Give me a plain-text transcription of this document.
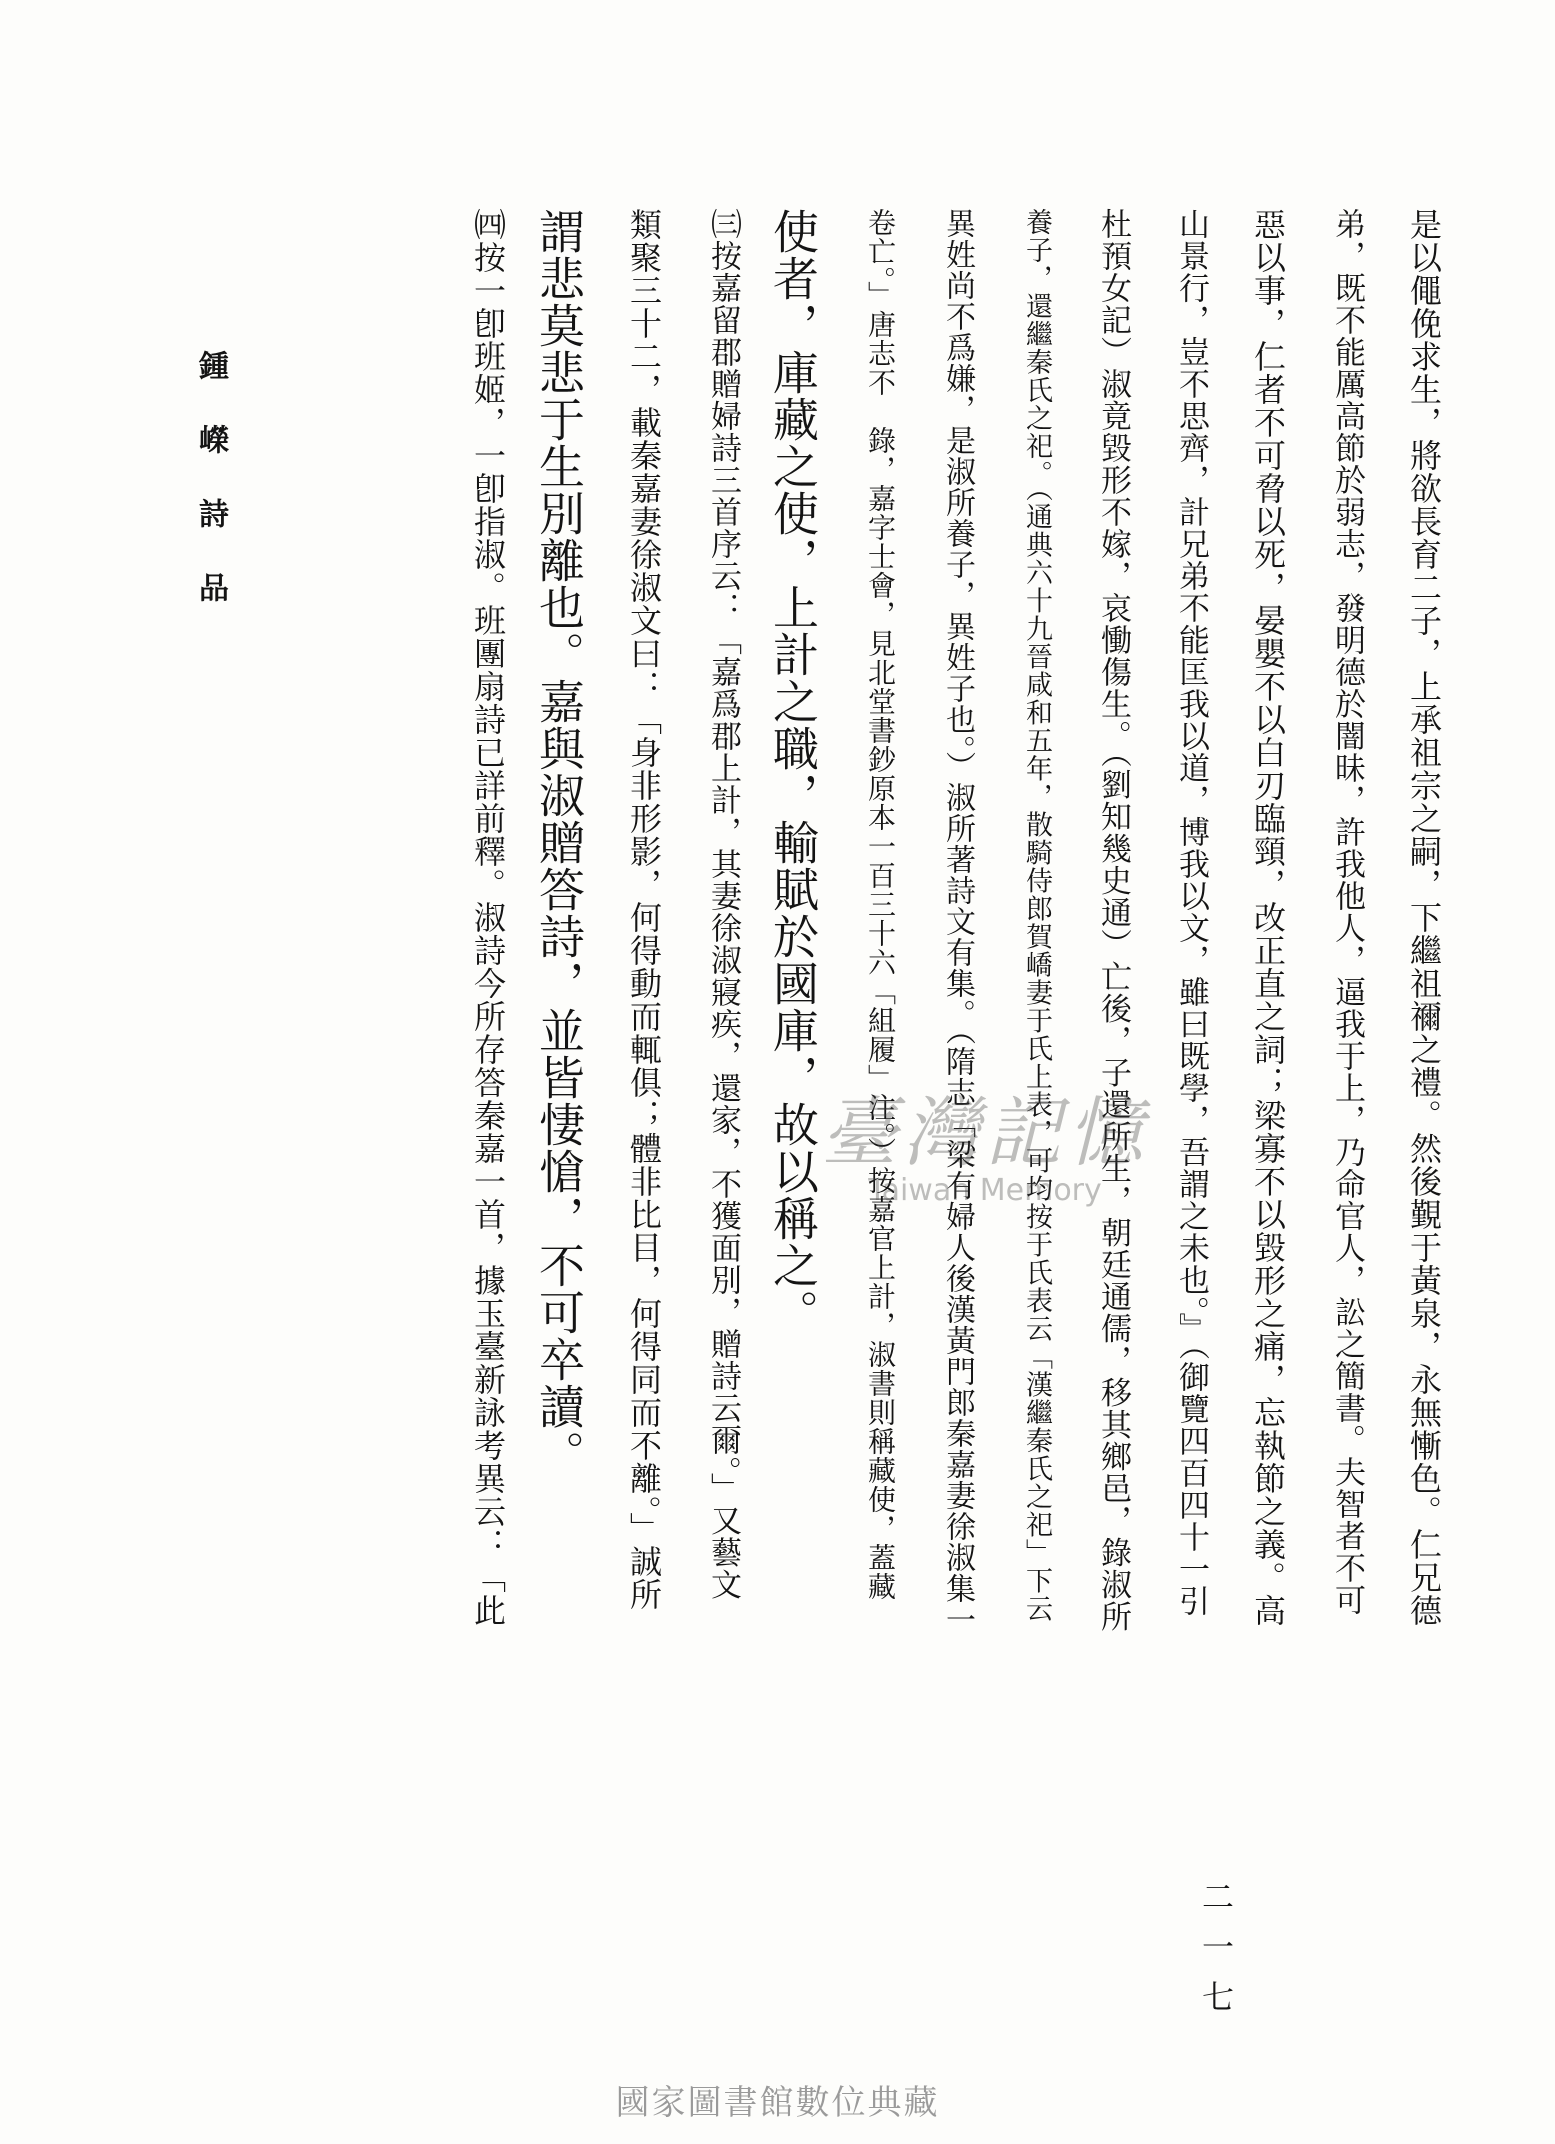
鍾嶸詩品	是以僶俛求生，將欲長育二子，上承祖宗之嗣，下繼祖禰之禮。然後覲于黃泉，永無慚色。仁兄德
弟，既不能厲高節於弱志，發明德於闇昧，許我他人，逼我于上，乃命官人，訟之簡書。夫智者不可
惡以事，仁者不可脅以死，晏嬰不以白刃臨頸，改正直之詞；梁寡不以毀形之痛，忘執節之義。高
山景行，豈不思齊，計兄弟不能匡我以道，博我以文，雖曰既學，吾謂之未也。』（御覽四百四十一引
杜預女記）淑竟毀形不嫁，哀慟傷生。（劉知幾史通）亡後，子還所生，朝廷通儒，移其鄉邑，錄淑所
養子，還繼秦氏之祀。（通典六十九晉咸和五年，散騎侍郎賀嶠妻于氏上表，可均按于氏表云「漢繼秦氏之祀」下云
異姓尚不爲嫌，是淑所養子，異姓子也。）淑所著詩文有集。（隋志「梁有婦人後漢黃門郎秦嘉妻徐淑集一
卷亡。」唐志不　錄，嘉字士會，見北堂書鈔原本一百三十六「組履」注。）按嘉官上計，淑書則稱藏使，蓋藏
使者，庫藏之使，上計之職，輸賦於國庫，故以稱之。
㈢按嘉留郡贈婦詩三首序云：「嘉爲郡上計，其妻徐淑寢疾，還家，不獲面別，贈詩云爾。」又藝文
類聚三十二，載秦嘉妻徐淑文曰：「身非形影，何得動而輒俱；體非比目，何得同而不離。」誠所
謂悲莫悲于生別離也。嘉與淑贈答詩，並皆悽愴，不可卒讀。
㈣按一卽班姬，一卽指淑。班團扇詩已詳前釋。淑詩今所存答秦嘉一首，據玉臺新詠考異云：「此
二一七
臺灣記憶
Taiwan Memory
國家圖書館數位典藏
